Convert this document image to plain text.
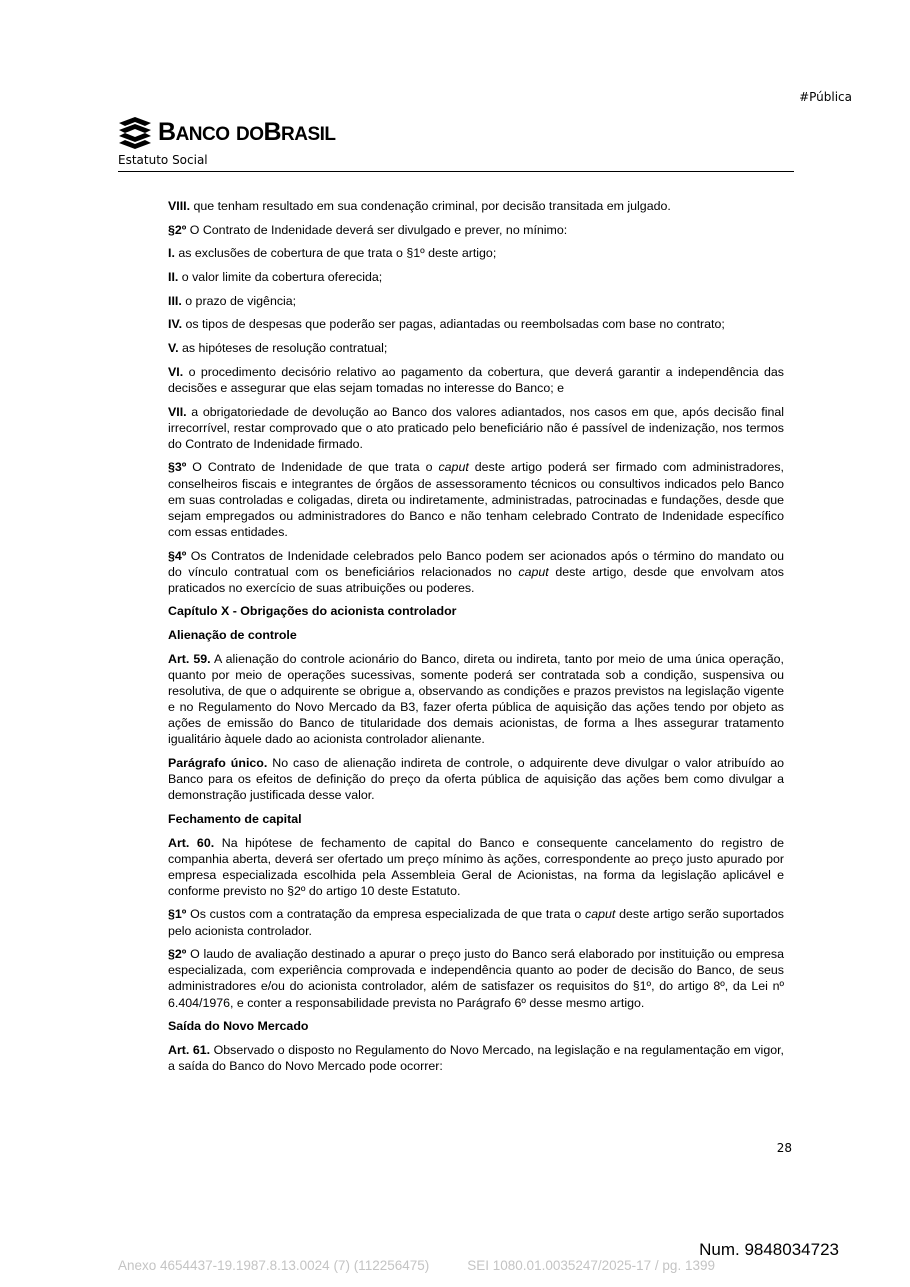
#Pública
BANCO DOBRASIL
Estatuto Social

VIII. que tenham resultado em sua condenação criminal, por decisão transitada em julgado.

§2º O Contrato de Indenidade deverá ser divulgado e prever, no mínimo:

I. as exclusões de cobertura de que trata o §1º deste artigo;

II. o valor limite da cobertura oferecida;

III. o prazo de vigência;

IV. os tipos de despesas que poderão ser pagas, adiantadas ou reembolsadas com base no contrato;

V. as hipóteses de resolução contratual;

VI. o procedimento decisório relativo ao pagamento da cobertura, que deverá garantir a independência das decisões e assegurar que elas sejam tomadas no interesse do Banco; e

VII. a obrigatoriedade de devolução ao Banco dos valores adiantados, nos casos em que, após decisão final irrecorrível, restar comprovado que o ato praticado pelo beneficiário não é passível de indenização, nos termos do Contrato de Indenidade firmado.

§3º O Contrato de Indenidade de que trata o caput deste artigo poderá ser firmado com administradores, conselheiros fiscais e integrantes de órgãos de assessoramento técnicos ou consultivos indicados pelo Banco em suas controladas e coligadas, direta ou indiretamente, administradas, patrocinadas e fundações, desde que sejam empregados ou administradores do Banco e não tenham celebrado Contrato de Indenidade específico com essas entidades.

§4º Os Contratos de Indenidade celebrados pelo Banco podem ser acionados após o término do mandato ou do vínculo contratual com os beneficiários relacionados no caput deste artigo, desde que envolvam atos praticados no exercício de suas atribuições ou poderes.

Capítulo X - Obrigações do acionista controlador

Alienação de controle

Art. 59. A alienação do controle acionário do Banco, direta ou indireta, tanto por meio de uma única operação, quanto por meio de operações sucessivas, somente poderá ser contratada sob a condição, suspensiva ou resolutiva, de que o adquirente se obrigue a, observando as condições e prazos previstos na legislação vigente e no Regulamento do Novo Mercado da B3, fazer oferta pública de aquisição das ações tendo por objeto as ações de emissão do Banco de titularidade dos demais acionistas, de forma a lhes assegurar tratamento igualitário àquele dado ao acionista controlador alienante.

Parágrafo único. No caso de alienação indireta de controle, o adquirente deve divulgar o valor atribuído ao Banco para os efeitos de definição do preço da oferta pública de aquisição das ações bem como divulgar a demonstração justificada desse valor.

Fechamento de capital

Art. 60. Na hipótese de fechamento de capital do Banco e consequente cancelamento do registro de companhia aberta, deverá ser ofertado um preço mínimo às ações, correspondente ao preço justo apurado por empresa especializada escolhida pela Assembleia Geral de Acionistas, na forma da legislação aplicável e conforme previsto no §2º do artigo 10 deste Estatuto.

§1º Os custos com a contratação da empresa especializada de que trata o caput deste artigo serão suportados pelo acionista controlador.

§2º O laudo de avaliação destinado a apurar o preço justo do Banco será elaborado por instituição ou empresa especializada, com experiência comprovada e independência quanto ao poder de decisão do Banco, de seus administradores e/ou do acionista controlador, além de satisfazer os requisitos do §1º, do artigo 8º, da Lei nº 6.404/1976, e conter a responsabilidade prevista no Parágrafo 6º desse mesmo artigo.

Saída do Novo Mercado

Art. 61. Observado o disposto no Regulamento do Novo Mercado, na legislação e na regulamentação em vigor, a saída do Banco do Novo Mercado pode ocorrer:

28
Num. 9848034723
Anexo 4654437-19.1987.8.13.0024 (7) (112256475)	SEI 1080.01.0035247/2025-17 / pg. 1399
